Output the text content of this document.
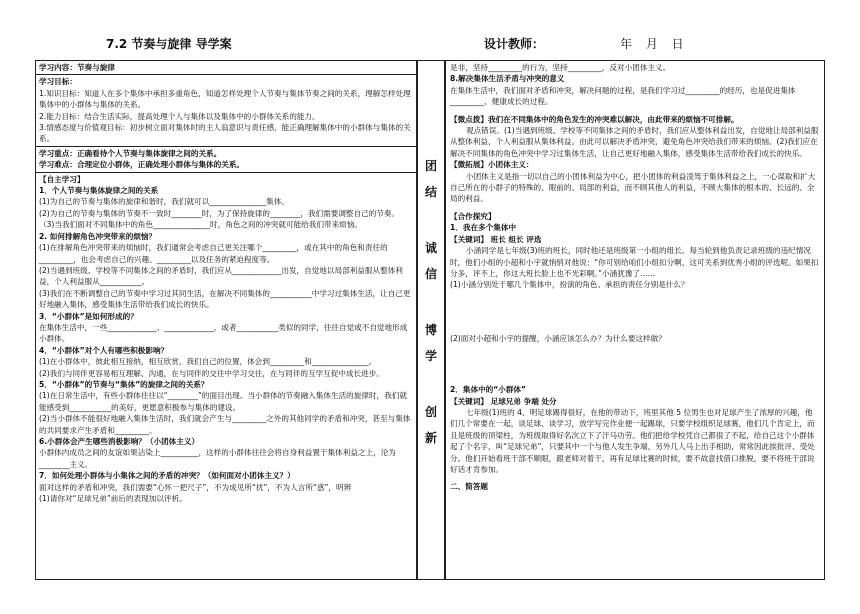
7.2 节奏与旋律 导学案	设计教师：	年 月 日
学习内容：节奏与旋律
学习目标：
1.知识目标：知道人在多个集体中承担多重角色，知道怎样处理个人节奏与集体节奏之间的关系，理解怎样处理集体中的小群体与集体的关系。
2.能力目标：结合生活实际，提高处理个人与集体以及集体中的小群体关系的能力。
3.情感态度与价值观目标：初步树立面对集体时的主人翁意识与责任感，能正确理解集体中的小群体与集体的关系。
学习重点：正确看待个人节奏与集体旋律之间的关系。
学习难点：合理定位小群体，正确处理小群体与集体的关系。
【自主学习】
1．个人节奏与集体旋律之间的关系
(1)为自己的节奏与集体的旋律和谐时，我们就可以_______________集体。
(2)为自己的节奏与集体的节奏不一致时________时，为了保持旋律的________，我们需要调整自己的节奏。
（3)当我们面对不同集体中的角色_______________时，角色之间的冲突就可能给我们带来烦恼。
2. 如何排解角色冲突带来的烦恼？
(1)在排解角色冲突带来的烦恼时，我们通常会考虑自己更关注哪个_________，或在其中的角色和责任的_________，也会考虑自己的兴趣、_________以及任务的紧迫程度等。
(2)当遇到班级、学校等不同集体之间的矛盾时，我们应从_____________出发，自觉地以局部利益服从整体利益，个人利益服从___________。
(3)我们在不断调整自己的节奏中学习过其同生活，在解决不同集体的___________中学习过集体生活，让自己更好地融入集体，感受集体生活带给我们成长的快乐。
3．“小群体”是如何形成的？
在集体生活中，一些_____________、_____________，或者___________类似的同学，往往自觉或不自觉地形成小群体。
4．“小群体”对个人有哪些积极影响？
(1)在小群体中，彼此相互接纳，相互欣赏，我们自己的位置，体会到_________和_______________。
(2)我们与同伴更容易相互理解、沟通，在与同伴的交往中学习交往，在与同伴的互学互促中成长进步。
5．“小群体”的节奏与“集体”的旋律之间的关系？
(1)在日常生活中，有些小群体往往以“________”的面目出现。当小群体的节奏融入集体生活的旋律时，我们就能感受到___________的美好，更愿意积极参与集体的建设。
(2)当小群体不能很好地融入集体生活时，我们就会产生与_________之外的其他同学的矛盾和冲突，甚至与集体的共同要求产生矛盾和_________。
6.小群体会产生哪些消极影响？（小团体主义）
小群体内成员之间的友谊如果沾染上__________，这样的小群体往往会将自身利益置于集体利益之上，沦为________主义。
7．如何处理小群体与小集体之间的矛盾的冲突？（如何面对小团体主义？）
面对这样的矛盾和冲突，我们需要“心怀一把尺子”，不为成见所“扰”，不为人言所“惑”，明辨
(1)请你对“足球兄弟”前后的表现加以评析。
团
结
诚
信
博
学
创
新
是非，坚持_________的行为，坚持_________，反对小团体主义。
8.解决集体生活矛盾与冲突的意义
在集体生活中，我们面对矛盾和冲突，解决问题的过程，是我们学习过_________的经历，也是促进集体_________、健康成长的过程。
【微点拨】我们在不同集体中的角色发生的冲突难以解决，由此带来的烦恼不可排解。
观点错误。(1)当遇到班级、学校等不同集体之间的矛盾时，我们应从整体利益出发，自觉地让局部利益服从整体利益，个人利益服从集体利益。由此可以解决矛盾冲突，避免角色冲突给我们带来的烦恼。(2)我们应在解决不同集体的角色冲突中学习过集体生活，让自己更好地融入集体，感受集体生活带给我们成长的快乐。
【微拓展】小团体主义：
小团体主义是指一切以自己的小团体利益为中心，把小团体的利益凌驾于集体利益之上，一心谋取和扩大自己所在的小群子的特殊的、眼前的、局部的利益，而不顾其他人的利益，不顾大集体的根本的、长远的、全局的利益。
【合作探究】
1．我在多个集体中
【关键词】 班长 组长 评选
小涵同学是七年级(3)班的班长，同时他还是班级第一小组的组长。每当轮到他负责记录班级的违纪情况时，他们小组的小超和小宇就悄悄对他说：“你可别给咱们小组扣分啊，这可关系到优秀小组的评选呢。如果扣分多，评不上，你这大班长脸上也不光彩啊。”小涵犹豫了……
(1)小涵分别处于哪几个集体中，扮演的角色、承担的责任分别是什么？
(2)面对小超和小宇的提醒，小涵应该怎么办？为什么要这样做？
2．集体中的“小群体”
【关键词】 足球兄弟 争端 处分
七年级(1)班的 4、明足球踢得很好，在他的带动下，班里其他 5 位男生也对足球产生了浓厚的兴趣，他们几个常要在一起，谈足球、谈学习，放学写完作业便一起踢球，只要学校组织足球赛，他们几个肯定上，而且是班级的顶梁柱，为班级取得好名次立下了汗马功劳。他们把给学校凭自己都很了不起，给自己这个小群体起了个名字，叫“足球兄弟”，只要其中一个与他人发生争端，另外几人马上出手相助，常常因此挨批评、受处分。他们开始看班干部不顺眼，跟老师对着干，再有足球比赛的时候，要不故意找借口推脱，要不将班干部说好话才肯参加。
二、简答题
